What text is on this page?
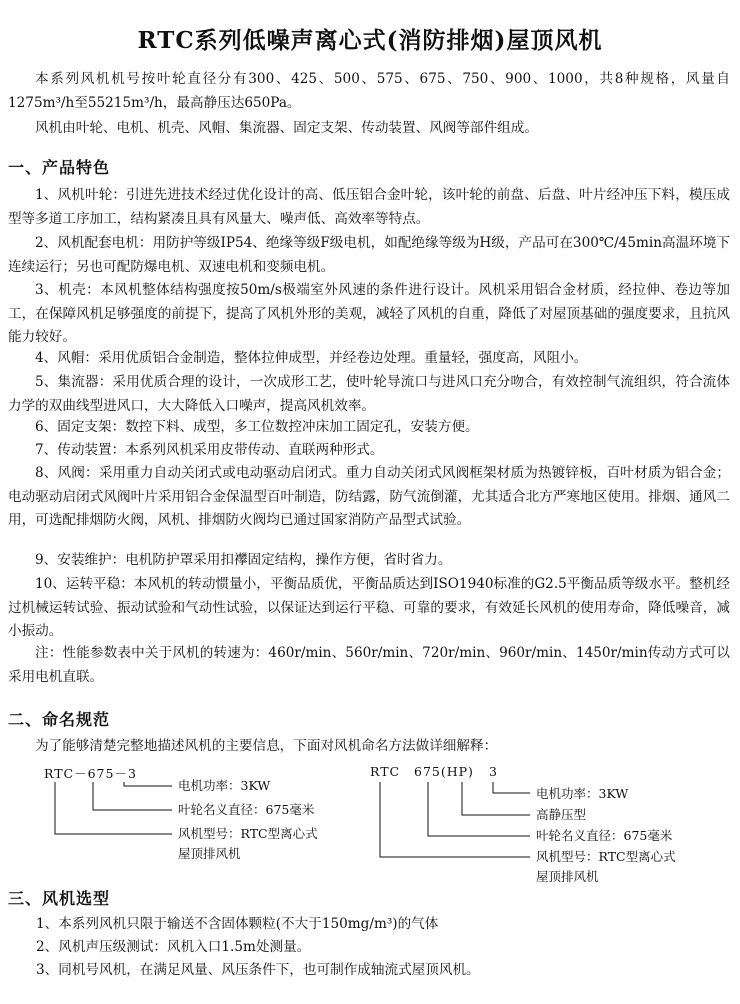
RTC系列低噪声离心式(消防排烟)屋顶风机

本系列风机机号按叶轮直径分有300、425、500、575、675、750、900、1000，共8种规格，风量自1275m³/h至55215m³/h，最高静压达650Pa。

风机由叶轮、电机、机壳、风帽、集流器、固定支架、传动装置、风阀等部件组成。

一、产品特色

1、风机叶轮：引进先进技术经过优化设计的高、低压铝合金叶轮，该叶轮的前盘、后盘、叶片经冲压下料，模压成型等多道工序加工，结构紧凑且具有风量大、噪声低、高效率等特点。

2、风机配套电机：用防护等级IP54、绝缘等级F级电机，如配绝缘等级为H级，产品可在300℃/45min高温环境下连续运行；另也可配防爆电机、双速电机和变频电机。

3、机壳：本风机整体结构强度按50m/s极端室外风速的条件进行设计。风机采用铝合金材质，经拉伸、卷边等加工，在保障风机足够强度的前提下，提高了风机外形的美观，减轻了风机的自重，降低了对屋顶基础的强度要求，且抗风能力较好。

4、风帽：采用优质铝合金制造，整体拉伸成型，并经卷边处理。重量轻，强度高，风阻小。

5、集流器：采用优质合理的设计，一次成形工艺，使叶轮导流口与进风口充分吻合，有效控制气流组织，符合流体力学的双曲线型进风口，大大降低入口噪声，提高风机效率。

6、固定支架：数控下料、成型，多工位数控冲床加工固定孔，安装方便。

7、传动装置：本系列风机采用皮带传动、直联两种形式。

8、风阀：采用重力自动关闭式或电动驱动启闭式。重力自动关闭式风阀框架材质为热镀锌板，百叶材质为铝合金；电动驱动启闭式风阀叶片采用铝合金保温型百叶制造，防结露，防气流倒灌，尤其适合北方严寒地区使用。排烟、通风二用，可选配排烟防火阀，风机、排烟防火阀均已通过国家消防产品型式试验。

9、安装维护：电机防护罩采用扣襻固定结构，操作方便，省时省力。

10、运转平稳：本风机的转动惯量小，平衡品质优，平衡品质达到ISO1940标准的G2.5平衡品质等级水平。整机经过机械运转试验、振动试验和气动性试验，以保证达到运行平稳、可靠的要求，有效延长风机的使用寿命，降低噪音，减小振动。

注：性能参数表中关于风机的转速为：460r/min、560r/min、720r/min、960r/min、1450r/min传动方式可以采用电机直联。

二、命名规范

为了能够清楚完整地描述风机的主要信息，下面对风机命名方法做详细解释：

RTC－675－3
电机功率：3KW
叶轮名义直径：675毫米
风机型号：RTC型离心式
屋顶排风机
RTC 675(HP) 3
电机功率：3KW
高静压型
叶轮名义直径：675毫米
风机型号：RTC型离心式
屋顶排风机
三、风机选型

1、本系列风机只限于输送不含固体颗粒(不大于150mg/m³)的气体

2、风机声压级测试：风机入口1.5m处测量。

3、同机号风机，在满足风量、风压条件下，也可制作成轴流式屋顶风机。
